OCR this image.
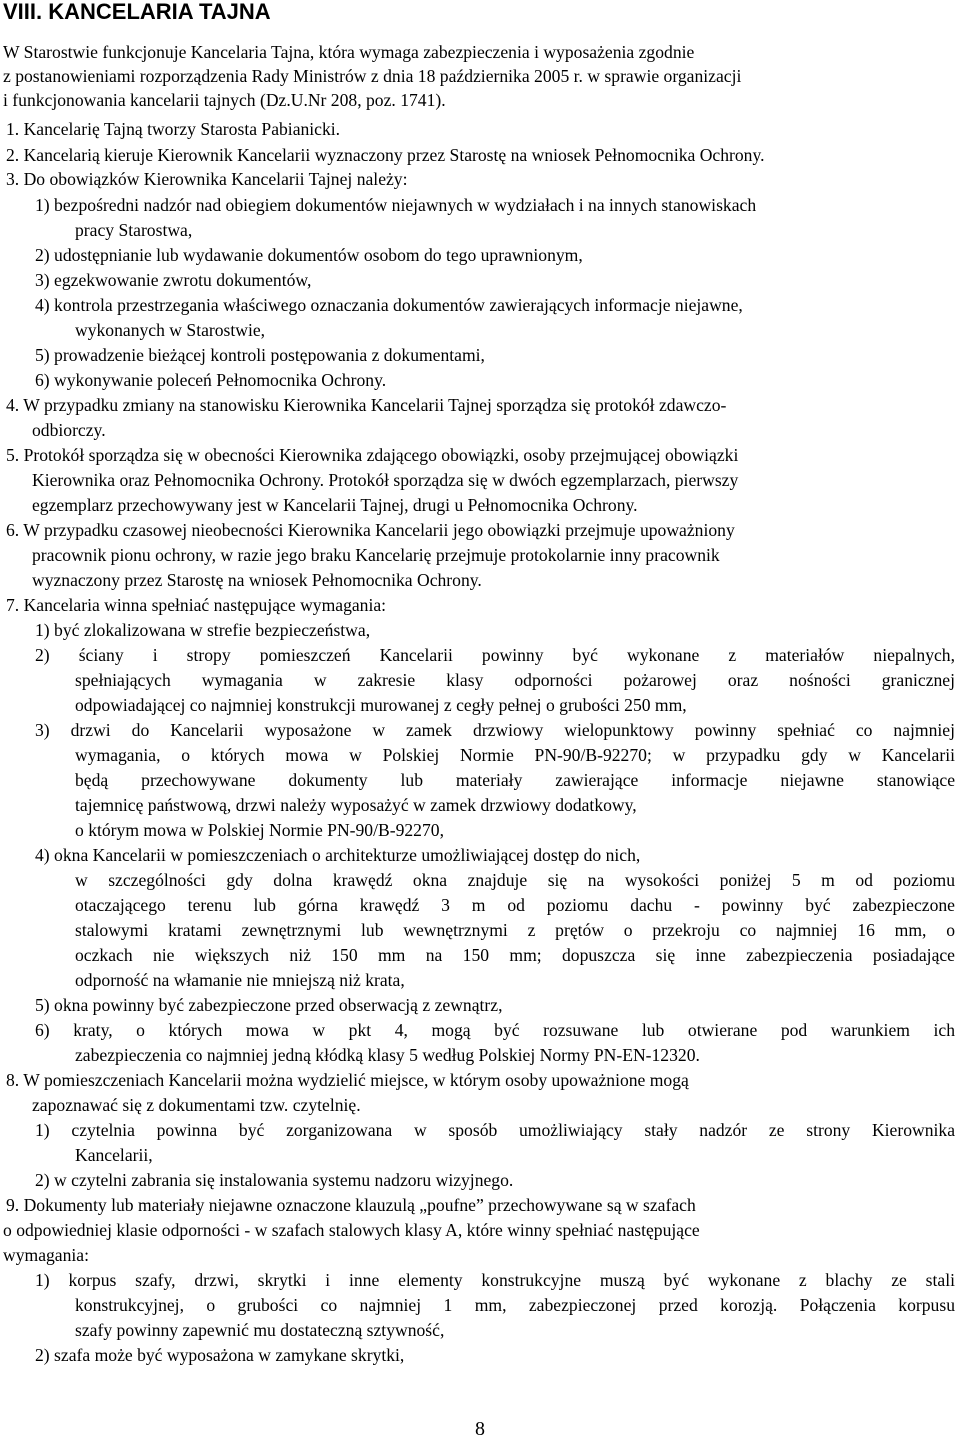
VIII. KANCELARIA TAJNA
W Starostwie funkcjonuje Kancelaria Tajna, która wymaga zabezpieczenia i wyposażenia zgodnie
z postanowieniami rozporządzenia Rady Ministrów z dnia 18 października 2005 r. w sprawie organizacji
i funkcjonowania kancelarii tajnych (Dz.U.Nr 208, poz. 1741).
1. Kancelarię Tajną tworzy Starosta Pabianicki.
2. Kancelarią kieruje Kierownik Kancelarii wyznaczony przez Starostę na wniosek Pełnomocnika Ochrony.
3. Do obowiązków Kierownika Kancelarii Tajnej należy:
1) bezpośredni nadzór nad obiegiem dokumentów niejawnych w wydziałach i na innych stanowiskach
pracy Starostwa,
2) udostępnianie lub wydawanie dokumentów osobom do tego uprawnionym,
3) egzekwowanie zwrotu dokumentów,
4) kontrola przestrzegania właściwego oznaczania dokumentów zawierających informacje niejawne,
wykonanych w Starostwie,
5) prowadzenie bieżącej kontroli postępowania z dokumentami,
6) wykonywanie poleceń Pełnomocnika Ochrony.
4. W przypadku zmiany na stanowisku Kierownika Kancelarii Tajnej sporządza się protokół zdawczo-
odbiorczy.
5. Protokół sporządza się w obecności Kierownika zdającego obowiązki, osoby przejmującej obowiązki
Kierownika oraz Pełnomocnika Ochrony. Protokół sporządza się w dwóch egzemplarzach, pierwszy
egzemplarz przechowywany jest w Kancelarii Tajnej, drugi u Pełnomocnika Ochrony.
6. W przypadku czasowej nieobecności Kierownika Kancelarii jego obowiązki przejmuje upoważniony
pracownik pionu ochrony, w razie jego braku Kancelarię przejmuje protokolarnie inny pracownik
wyznaczony przez Starostę na wniosek Pełnomocnika Ochrony.
7. Kancelaria winna spełniać następujące wymagania:
1) być zlokalizowana w strefie bezpieczeństwa,
2) ściany i stropy pomieszczeń Kancelarii powinny być wykonane z materiałów niepalnych,
spełniających wymagania w zakresie klasy odporności pożarowej oraz nośności granicznej
odpowiadającej co najmniej konstrukcji murowanej z cegły pełnej o grubości 250 mm,
3) drzwi do Kancelarii wyposażone w zamek drzwiowy wielopunktowy powinny spełniać co najmniej
wymagania, o których mowa w Polskiej Normie PN-90/B-92270; w przypadku gdy w Kancelarii
będą przechowywane dokumenty lub materiały zawierające informacje niejawne stanowiące
tajemnicę państwową, drzwi należy wyposażyć w zamek drzwiowy dodatkowy,
o którym mowa w Polskiej Normie PN-90/B-92270,
4) okna Kancelarii w pomieszczeniach o architekturze umożliwiającej dostęp do nich,
w szczególności gdy dolna krawędź okna znajduje się na wysokości poniżej 5 m od poziomu
otaczającego terenu lub górna krawędź 3 m od poziomu dachu - powinny być zabezpieczone
stalowymi kratami zewnętrznymi lub wewnętrznymi z prętów o przekroju co najmniej 16 mm, o
oczkach nie większych niż 150 mm na 150 mm; dopuszcza się inne zabezpieczenia posiadające
odporność na włamanie nie mniejszą niż krata,
5) okna powinny być zabezpieczone przed obserwacją z zewnątrz,
6) kraty, o których mowa w pkt 4, mogą być rozsuwane lub otwierane pod warunkiem ich
zabezpieczenia co najmniej jedną kłódką klasy 5 według Polskiej Normy PN-EN-12320.
8. W pomieszczeniach Kancelarii można wydzielić miejsce, w którym osoby upoważnione mogą
zapoznawać się z dokumentami tzw. czytelnię.
1) czytelnia powinna być zorganizowana w sposób umożliwiający stały nadzór ze strony Kierownika
Kancelarii,
2) w czytelni zabrania się instalowania systemu nadzoru wizyjnego.
9. Dokumenty lub materiały niejawne oznaczone klauzulą „poufne” przechowywane są w szafach
o odpowiedniej klasie odporności - w szafach stalowych klasy A, które winny spełniać następujące
wymagania:
1) korpus szafy, drzwi, skrytki i inne elementy konstrukcyjne muszą być wykonane z blachy ze stali
konstrukcyjnej, o grubości co najmniej 1 mm, zabezpieczonej przed korozją. Połączenia korpusu
szafy powinny zapewnić mu dostateczną sztywność,
2) szafa może być wyposażona w zamykane skrytki,
8
